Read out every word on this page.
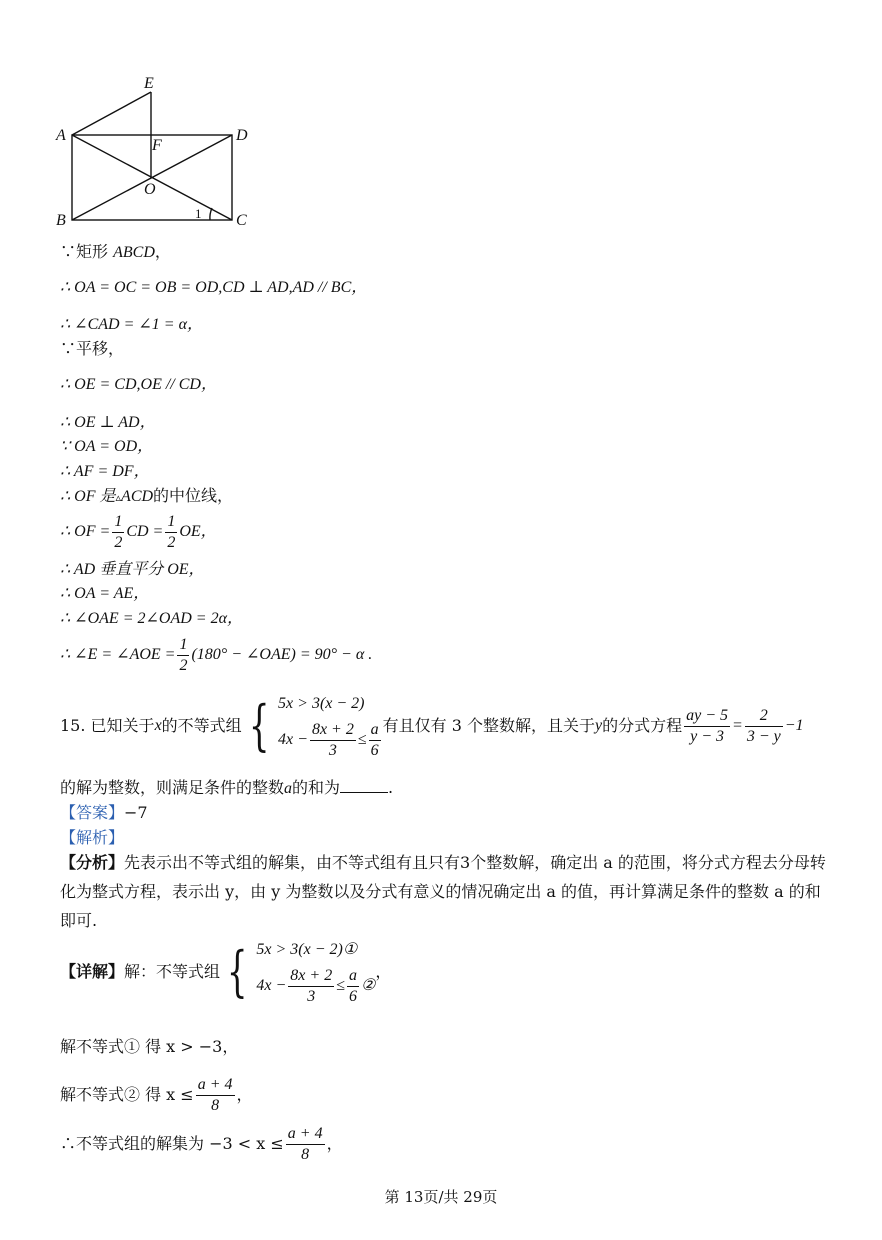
E
A	D
F
O
B	C
1
∵矩形 ABCD，
∴ OA = OC = OB = OD,CD ⊥ AD,AD // BC，
∴ ∠CAD = ∠1 = α，
∵平移，
∴ OE = CD,OE // CD，
∴ OE ⊥ AD，
∵ OA = OD，
∴ AF = DF，
∴ OF 是▵ACD的中位线，
∴ OF = $\frac{1}{2}$ CD = $\frac{1}{2}$ OE，
∴ AD 垂直平分 OE，
∴ OA = AE，
∴ ∠OAE = 2∠OAD = 2α，
∴ ∠E = ∠AOE = $\frac{1}{2} (180^\circ$ − ∠OAE) = 90° − α .
15.
已知关于 x 的不等式组 { 5x > 3(x − 2)
$4x - \frac{8x + 2}{3} \le \frac{a}{6}$ 有且仅有 3 个整数解，且关于 y 的分式方程 $\frac{ay - 5}{y - 3} = \frac{2}{3 - y} -1$
的解为整数，则满足条件的整数a的和为	.
【答案】−7
【解析】
【分析】先表示出不等式组的解集，由不等式组有且只有3个整数解，确定出 a 的范围，将分式方程去分母转化为整式方程，表示出 y，由 y 为整数以及分式有意义的情况确定出 a 的值，再计算满足条件的整数 a 的和即可.
【详解】 解：不等式组 { 5x > 3(x − 2)①
$4x - \frac{8x + 2}{3} \le \frac{a}{6}$ ②
，
解不等式① 得 x > −3，
解不等式② 得 $x \le \frac{a + 4}{8}$ ，
∴不等式组的解集为 $-3 < x \le \frac{a + 4}{8}$ ，
第 13页/共 29页
